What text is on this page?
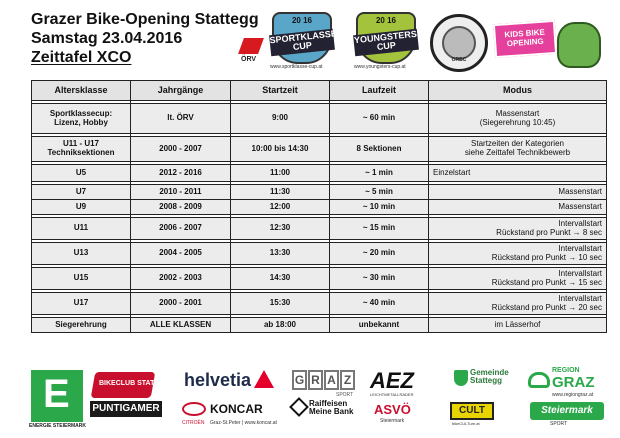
Grazer Bike-Opening Stattegg
Samstag 23.04.2016
Zeittafel XCO	ÖRV
20 16
SPORTKLASSE CUP
www.sportklasse-cup.at
20 16
YOUNGSTERS CUP
www.youngsters-cup.at
ORBC
KIDS BIKE OPENING
Altersklasse	Jahrgänge	Startzeit	Laufzeit	Modus

Sportklassecup:
Lizenz, Hobby	lt. ÖRV	9:00	~ 60 min	Massenstart
(Siegerehrung 10:45)

U11 - U17
Techniksektionen	2000 - 2007	10:00 bis 14:30	8 Sektionen	Startzeiten der Kategorien
siehe Zeittafel Technikbewerb

U5	2012 - 2016	11:00	~ 1 min	Einzelstart

U7	2010 - 2011	11:30	~ 5 min	Massenstart
U9	2008 - 2009	12:00	~ 10 min	Massenstart

U11	2006 - 2007	12:30	~ 15 min	Intervallstart
Rückstand pro Punkt → 8 sec

U13	2004 - 2005	13:30	~ 20 min	Intervallstart
Rückstand pro Punkt → 10 sec

U15	2002 - 2003	14:30	~ 30 min	Intervallstart
Rückstand pro Punkt → 15 sec

U17	2000 - 2001	15:30	~ 40 min	Intervallstart
Rückstand pro Punkt → 20 sec

Siegerehrung	ALLE KLASSEN	ab 18:00	unbekannt	im Lässerhof
E
ENERGIE STEIERMARK
BIKECLUB STATTEGG
PUNTIGAMER
helvetia
KONCAR
CITROËN Graz-St.Peter | www.koncar.at
G R A Z
SPORT
Raiffeisen
Meine Bank
AEZ
LEICHTMETALLRÄDER
ASVÖ
Steiermark
Gemeinde
Stattegg
CULT
bikeCULTure.at
REGION
GRAZ
www.regiongraz.at
Steiermark
SPORT
